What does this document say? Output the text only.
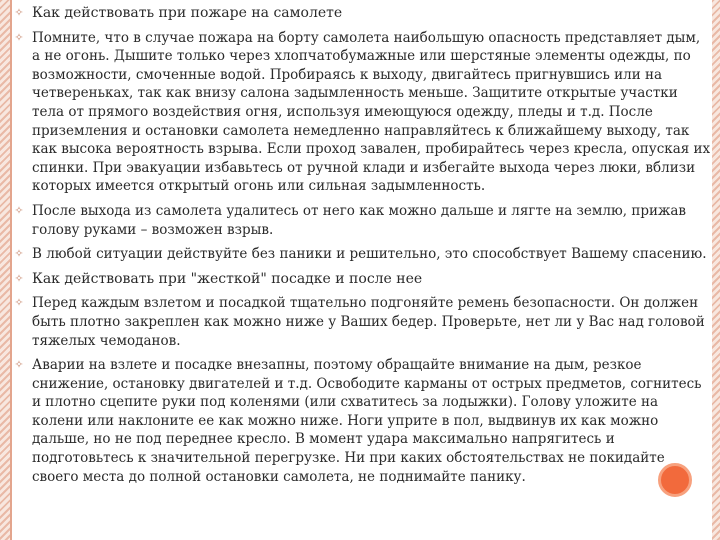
✧ Как действовать при пожаре на самолете
✧ Помните, что в случае пожара на борту самолета наибольшую опасность представляет дым, а не огонь. Дышите только через хлопчатобумажные или шерстяные элементы одежды, по возможности, смоченные водой. Пробираясь к выходу, двигайтесь пригнувшись или на четвереньках, так как внизу салона задымленность меньше. Защитите открытые участки тела от прямого воздействия огня, используя имеющуюся одежду, пледы и т.д. После приземления и остановки самолета немедленно направляйтесь к ближайшему выходу, так как высока вероятность взрыва. Если проход завален, пробирайтесь через кресла, опуская их спинки. При эвакуации избавьтесь от ручной клади и избегайте выхода через люки, вблизи которых имеется открытый огонь или сильная задымленность.
✧ После выхода из самолета удалитесь от него как можно дальше и лягте на землю, прижав голову руками – возможен взрыв.
✧ В любой ситуации действуйте без паники и решительно, это способствует Вашему спасению.
✧ Как действовать при "жесткой" посадке и после нее
✧ Перед каждым взлетом и посадкой тщательно подгоняйте ремень безопасности. Он должен быть плотно закреплен как можно ниже у Ваших бедер. Проверьте, нет ли у Вас над головой тяжелых чемоданов.
✧ Аварии на взлете и посадке внезапны, поэтому обращайте внимание на дым, резкое снижение, остановку двигателей и т.д. Освободите карманы от острых предметов, согнитесь и плотно сцепите руки под коленями (или схватитесь за лодыжки). Голову уложите на колени или наклоните ее как можно ниже. Ноги уприте в пол, выдвинув их как можно дальше, но не под переднее кресло. В момент удара максимально напрягитесь и подготовьтесь к значительной перегрузке. Ни при каких обстоятельствах не покидайте своего места до полной остановки самолета, не поднимайте панику.
